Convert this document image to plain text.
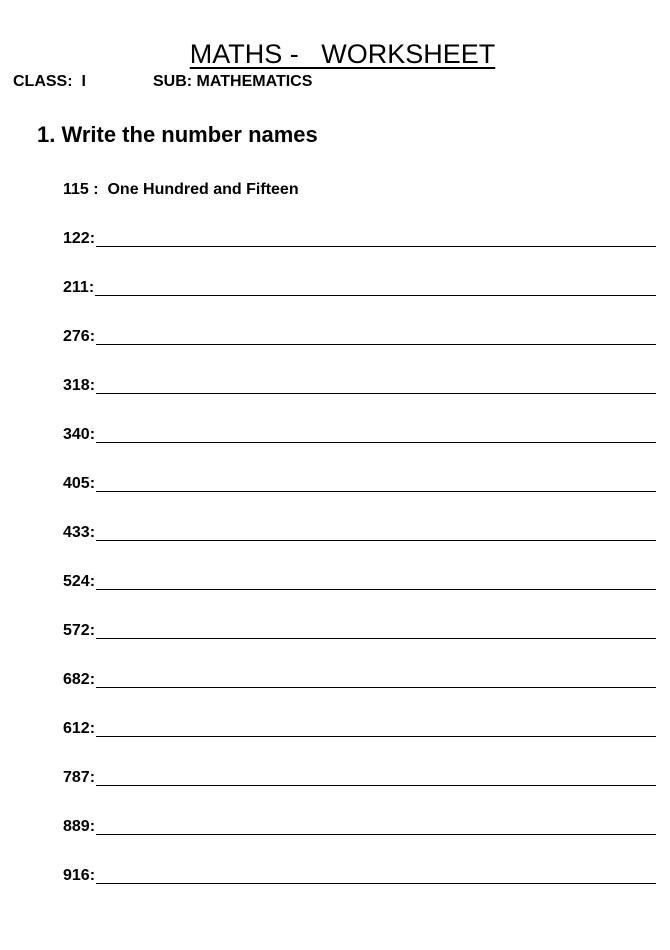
MATHS -   WORKSHEET

CLASS:  I	SUB: MATHEMATICS
1. Write the number names
115 :  One Hundred and Fifteen
122:
211:
276:
318:
340:
405:
433:
524:
572:
682:
612:
787:
889:
916:
